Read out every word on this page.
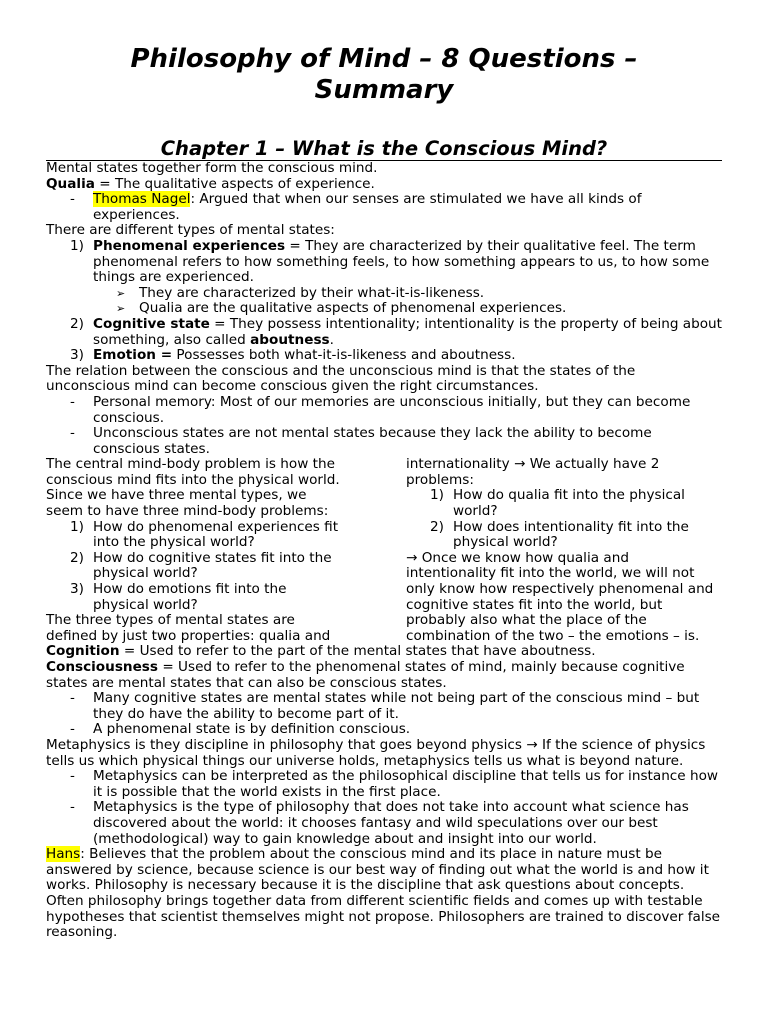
Philosophy of Mind – 8 Questions –
Summary
Chapter 1 – What is the Conscious Mind?

Mental states together form the conscious mind.

Qualia = The qualitative aspects of experience.

- Thomas Nagel: Argued that when our senses are stimulated we have all kinds of experiences.

There are different types of mental states:

1) Phenomenal experiences = They are characterized by their qualitative feel. The term phenomenal refers to how something feels, to how something appears to us, to how some things are experienced.

➢ They are characterized by their what-it-is-likeness.

➢ Qualia are the qualitative aspects of phenomenal experiences.

2) Cognitive state = They possess intentionality; intentionality is the property of being about something, also called aboutness.

3) Emotion = Possesses both what-it-is-likeness and aboutness.

The relation between the conscious and the unconscious mind is that the states of the unconscious mind can become conscious given the right circumstances.

- Personal memory: Most of our memories are unconscious initially, but they can become conscious.

- Unconscious states are not mental states because they lack the ability to become conscious states.

The central mind-body problem is how the conscious mind fits into the physical world. Since we have three mental types, we seem to have three mind-body problems:

1) How do phenomenal experiences fit into the physical world?

2) How do cognitive states fit into the physical world?

3) How do emotions fit into the physical world?

The three types of mental states are defined by just two properties: qualia and

internationality → We actually have 2 problems:

1) How do qualia fit into the physical world?

2) How does intentionality fit into the physical world?

→ Once we know how qualia and intentionality fit into the world, we will not only know how respectively phenomenal and cognitive states fit into the world, but probably also what the place of the combination of the two – the emotions – is.

Cognition = Used to refer to the part of the mental states that have aboutness.

Consciousness = Used to refer to the phenomenal states of mind, mainly because cognitive states are mental states that can also be conscious states.

- Many cognitive states are mental states while not being part of the conscious mind – but they do have the ability to become part of it.

- A phenomenal state is by definition conscious.

Metaphysics is they discipline in philosophy that goes beyond physics → If the science of physics tells us which physical things our universe holds, metaphysics tells us what is beyond nature.

- Metaphysics can be interpreted as the philosophical discipline that tells us for instance how it is possible that the world exists in the first place.

- Metaphysics is the type of philosophy that does not take into account what science has discovered about the world: it chooses fantasy and wild speculations over our best (methodological) way to gain knowledge about and insight into our world.

Hans: Believes that the problem about the conscious mind and its place in nature must be answered by science, because science is our best way of finding out what the world is and how it works. Philosophy is necessary because it is the discipline that ask questions about concepts.

Often philosophy brings together data from different scientific fields and comes up with testable hypotheses that scientist themselves might not propose. Philosophers are trained to discover false reasoning.
